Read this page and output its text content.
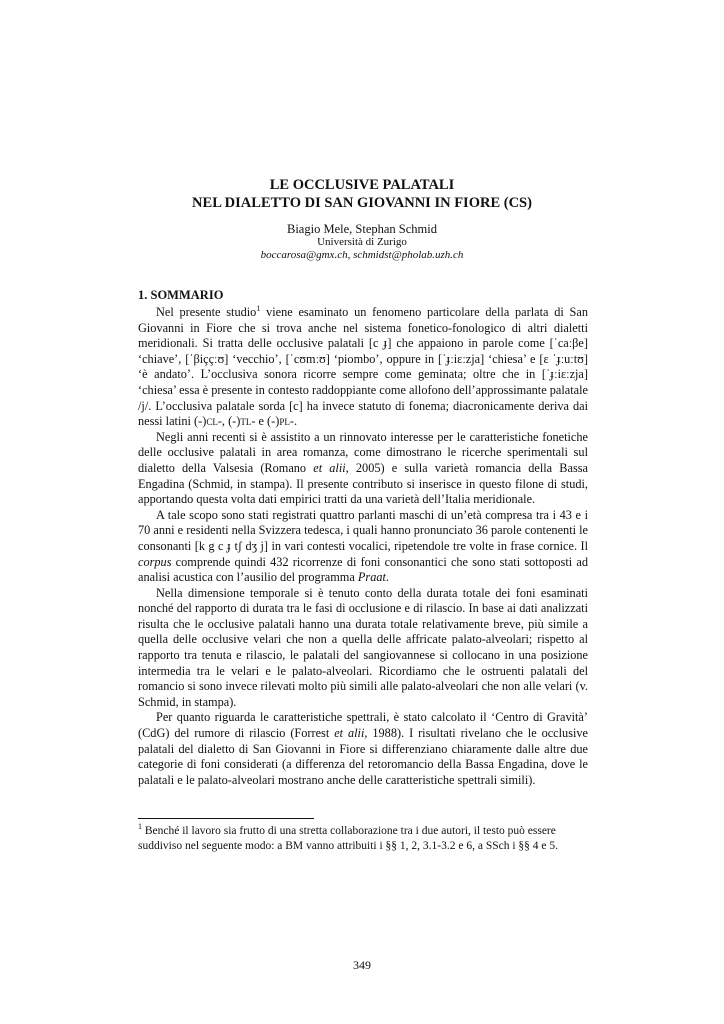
LE OCCLUSIVE PALATALI
NEL DIALETTO DI SAN GIOVANNI IN FIORE (CS)
Biagio Mele, Stephan Schmid
Università di Zurigo
boccarosa@gmx.ch, schmidst@pholab.uzh.ch
1. SOMMARIO

Nel presente studio$^1$ viene esaminato un fenomeno particolare della parlata di San Giovanni in Fiore che si trova anche nel sistema fonetico-fonologico di altri dialetti meridionali. Si tratta delle occlusive palatali [c ɟ] che appaiono in parole come [ˈcaːβe] ‘chiave’, [ˈβiççːʊ] ‘vecchio’, [ˈcʊmːʊ] ‘piombo’, oppure in [ˈɟːiɛːzja] ‘chiesa’ e [ɛ ˈɟːuːtʊ] ‘è andato’. L’occlusiva sonora ricorre sempre come geminata; oltre che in [ˈɟːiɛːzja] ‘chiesa’ essa è presente in contesto raddoppiante come allofono dell’approssimante palatale /j/. L’occlusiva palatale sorda [c] ha invece statuto di fonema; diacronicamente deriva dai nessi latini (-)cl-, (-)tl- e (-)pl-.

Negli anni recenti si è assistito a un rinnovato interesse per le caratteristiche fonetiche delle occlusive palatali in area romanza, come dimostrano le ricerche sperimentali sul dialetto della Valsesia (Romano et alii, 2005) e sulla varietà romancia della Bassa Engadina (Schmid, in stampa). Il presente contributo si inserisce in questo filone di studi, apportando questa volta dati empirici tratti da una varietà dell’Italia meridionale.

A tale scopo sono stati registrati quattro parlanti maschi di un’età compresa tra i 43 e i 70 anni e residenti nella Svizzera tedesca, i quali hanno pronunciato 36 parole contenenti le consonanti [k g c ɟ tʃ dʒ j] in vari contesti vocalici, ripetendole tre volte in frase cornice. Il corpus comprende quindi 432 ricorrenze di foni consonantici che sono stati sottoposti ad analisi acustica con l’ausilio del programma Praat.

Nella dimensione temporale si è tenuto conto della durata totale dei foni esaminati nonché del rapporto di durata tra le fasi di occlusione e di rilascio. In base ai dati analizzati risulta che le occlusive palatali hanno una durata totale relativamente breve, più simile a quella delle occlusive velari che non a quella delle affricate palato-alveolari; rispetto al rapporto tra tenuta e rilascio, le palatali del sangiovannese si collocano in una posizione intermedia tra le velari e le palato-alveolari. Ricordiamo che le ostruenti palatali del romancio si sono invece rilevati molto più simili alle palato-alveolari che non alle velari (v. Schmid, in stampa).

Per quanto riguarda le caratteristiche spettrali, è stato calcolato il ‘Centro di Gravità’ (CdG) del rumore di rilascio (Forrest et alii, 1988). I risultati rivelano che le occlusive palatali del dialetto di San Giovanni in Fiore si differenziano chiaramente dalle altre due categorie di foni considerati (a differenza del retoromancio della Bassa Engadina, dove le palatali e le palato-alveolari mostrano anche delle caratteristiche spettrali simili).

$^1$ Benché il lavoro sia frutto di una stretta collaborazione tra i due autori, il testo può essere suddiviso nel seguente modo: a BM vanno attribuiti i §§ 1, 2, 3.1-3.2 e 6, a SSch i §§ 4 e 5.
349
